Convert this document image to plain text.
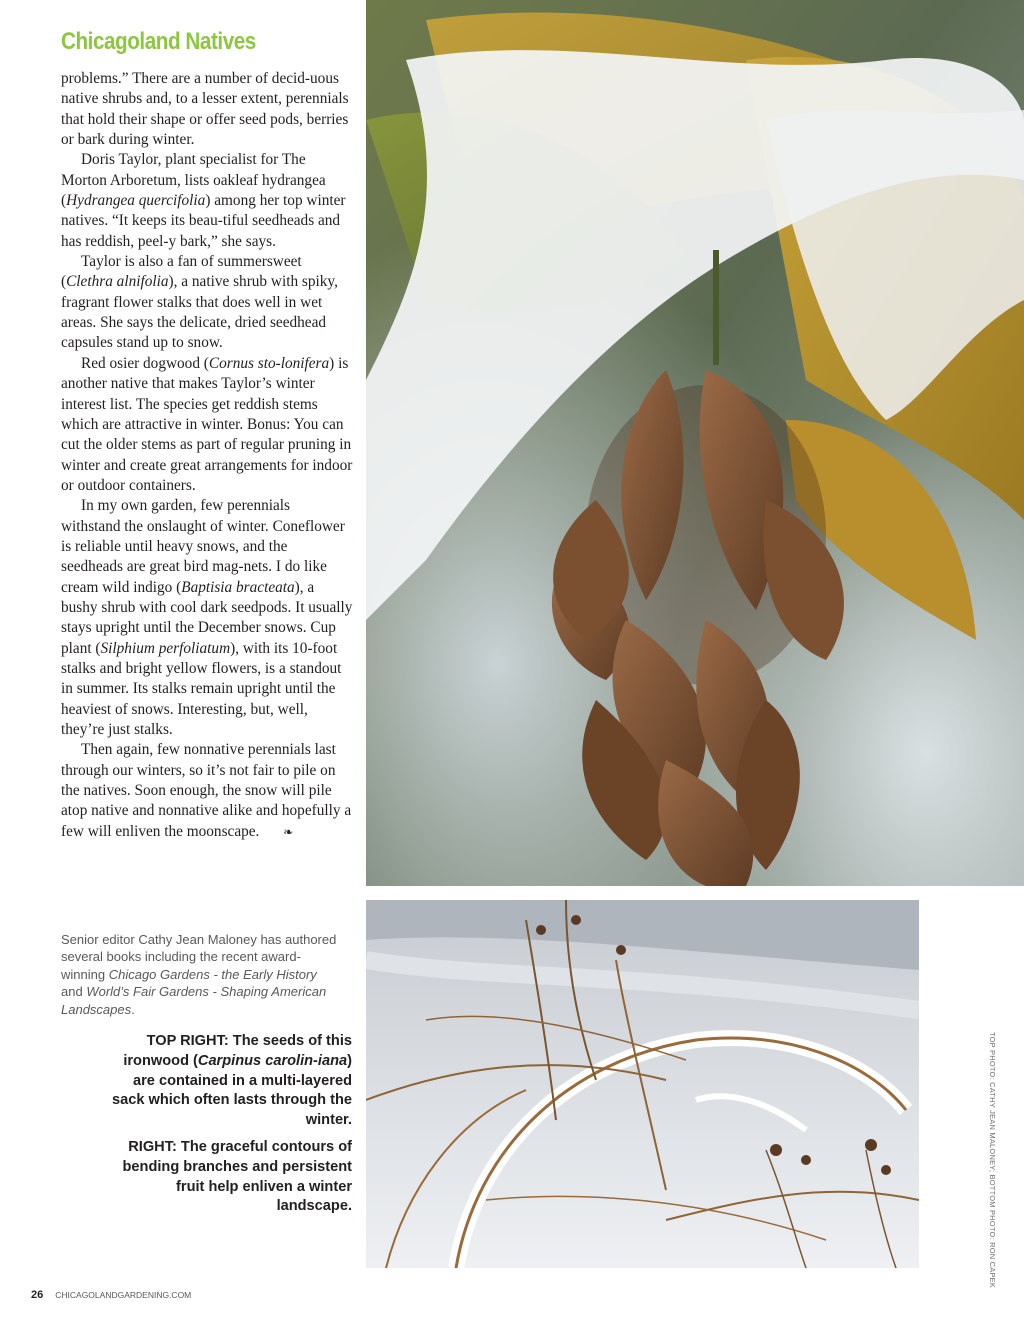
Chicagoland Natives

problems.” There are a number of decid-uous native shrubs and, to a lesser extent, perennials that hold their shape or offer seed pods, berries or bark during winter.

Doris Taylor, plant specialist for The Morton Arboretum, lists oakleaf hydrangea (Hydrangea quercifolia) among her top winter natives. “It keeps its beau-tiful seedheads and has reddish, peel-y bark,” she says.

Taylor is also a fan of summersweet (Clethra alnifolia), a native shrub with spiky, fragrant flower stalks that does well in wet areas. She says the delicate, dried seedhead capsules stand up to snow.

Red osier dogwood (Cornus sto-lonifera) is another native that makes Taylor’s winter interest list. The species get reddish stems which are attractive in winter. Bonus: You can cut the older stems as part of regular pruning in winter and create great arrangements for indoor or outdoor containers.

In my own garden, few perennials withstand the onslaught of winter. Coneflower is reliable until heavy snows, and the seedheads are great bird mag-nets. I do like cream wild indigo (Baptisia bracteata), a bushy shrub with cool dark seedpods. It usually stays upright until the December snows. Cup plant (Silphium perfoliatum), with its 10-foot stalks and bright yellow flowers, is a standout in summer. Its stalks remain upright until the heaviest of snows. Interesting, but, well, they’re just stalks.

Then again, few nonnative perennials last through our winters, so it’s not fair to pile on the natives. Soon enough, the snow will pile atop native and nonnative alike and hopefully a few will enliven the moonscape. ❧

Senior editor Cathy Jean Maloney has authored several books including the recent award-winning Chicago Gardens - the Early History and World’s Fair Gardens - Shaping American Landscapes.

TOP RIGHT: The seeds of this ironwood (Carpinus carolin-iana) are contained in a multi-layered sack which often lasts through the winter.

RIGHT: The graceful contours of bending branches and persistent fruit help enliven a winter landscape.	TOP PHOTO: CATHY JEAN MALONEY; BOTTOM PHOTO: RON CAPEK
26 CHICAGOLANDGARDENING.COM
